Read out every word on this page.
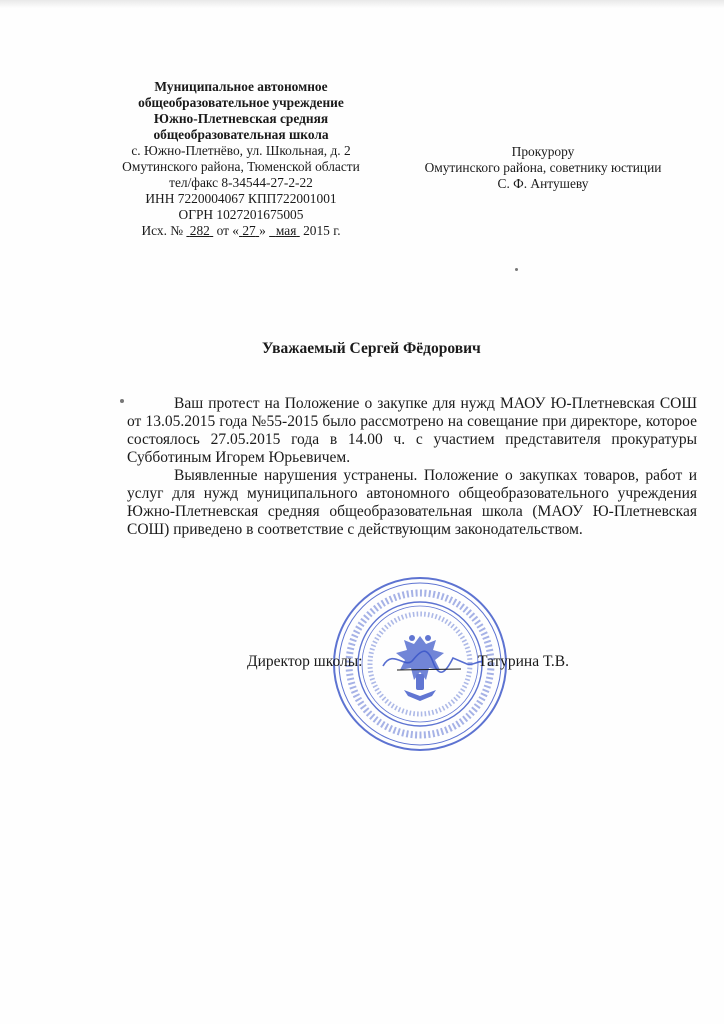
Муниципальное автономное
общеобразовательное учреждение
Южно-Плетневская средняя
общеобразовательная школа
с. Южно-Плетнёво, ул. Школьная, д. 2
Омутинского района, Тюменской области
тел/факс 8-34544-27-2-22
ИНН 7220004067 КПП722001001
ОГРН 1027201675005
Исх. № 282 от « 27 » мая 2015 г.
Прокурору
Омутинского района, советнику юстиции
С. Ф. Антушеву
Уважаемый Сергей Фёдорович

Ваш протест на Положение о закупке для нужд МАОУ Ю-Плетневская СОШ от 13.05.2015 года №55-2015 было рассмотрено на совещание при директоре, которое состоялось 27.05.2015 года в 14.00 ч. с участием представителя прокуратуры Субботиным Игорем Юрьевичем.

Выявленные нарушения устранены. Положение о закупках товаров, работ и услуг для нужд муниципального автономного общеобразовательного учреждения Южно-Плетневская средняя общеобразовательная школа (МАОУ Ю-Плетневская СОШ) приведено в соответствие с действующим законодательством.

Директор школы:	Татурина Т.В.
